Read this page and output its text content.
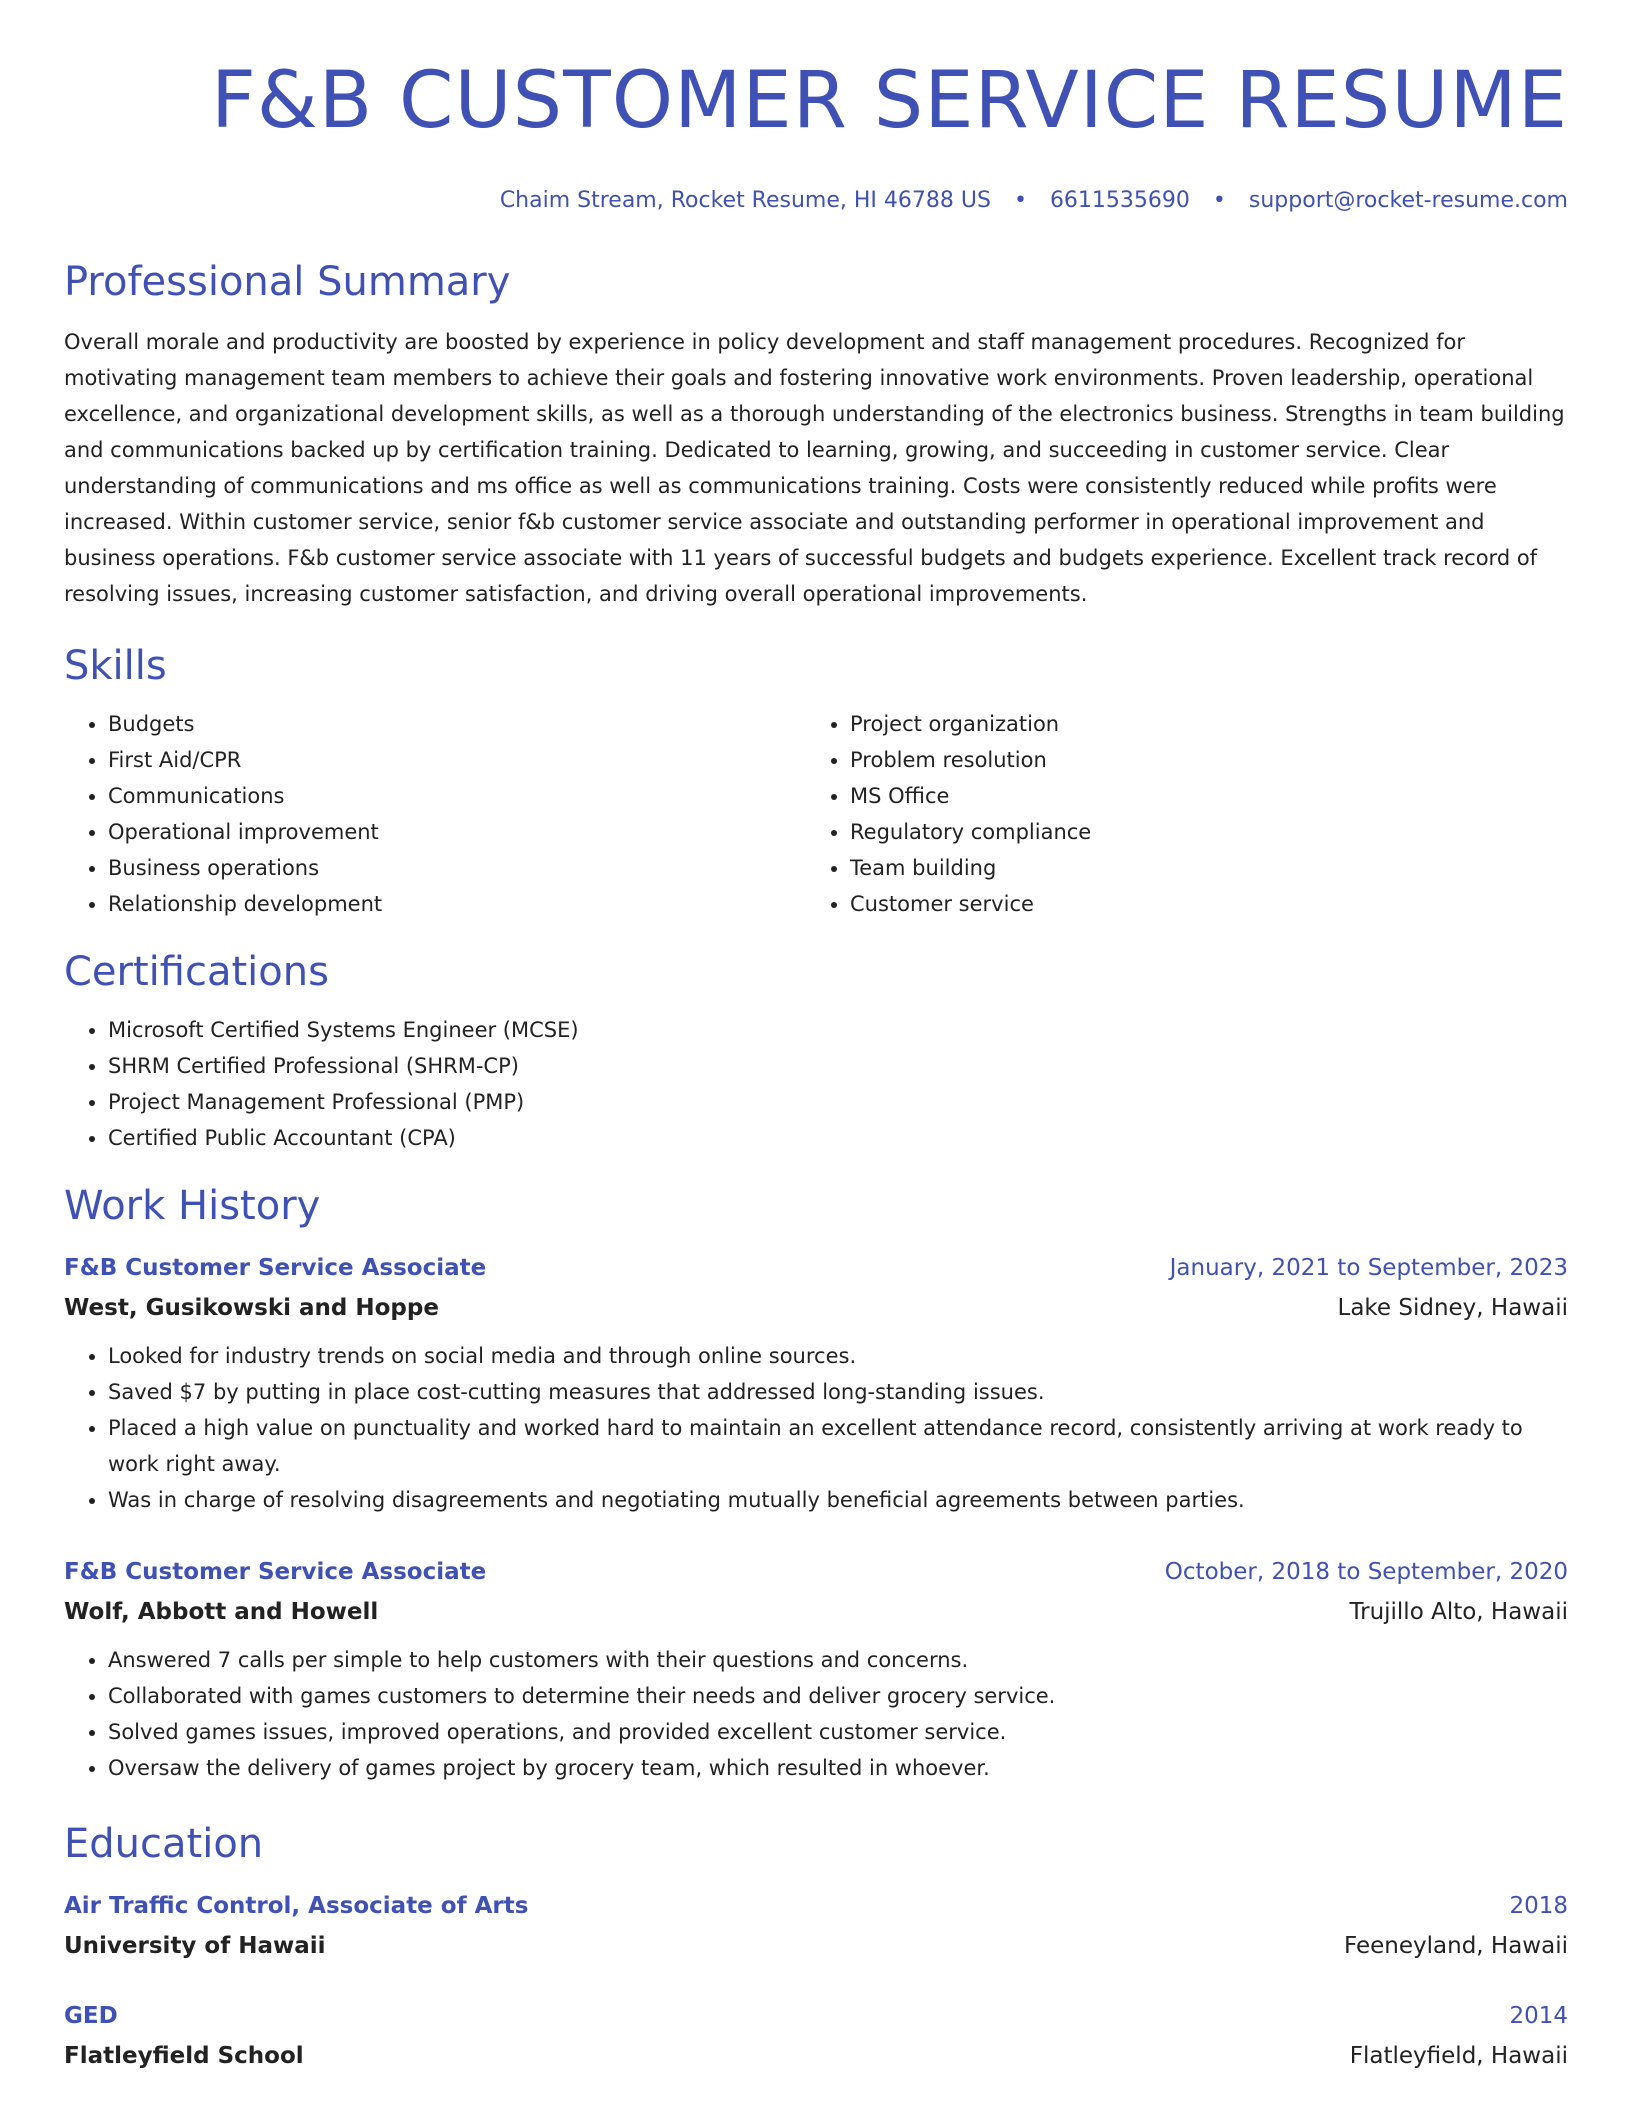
F&B CUSTOMER SERVICE RESUME
Chaim Stream, Rocket Resume, HI 46788 US • 6611535690 • support@rocket-resume.com
Professional Summary

Overall morale and productivity are boosted by experience in policy development and staff management procedures. Recognized for motivating management team members to achieve their goals and fostering innovative work environments. Proven leadership, operational excellence, and organizational development skills, as well as a thorough understanding of the electronics business. Strengths in team building and communications backed up by certification training. Dedicated to learning, growing, and succeeding in customer service. Clear understanding of communications and ms office as well as communications training. Costs were consistently reduced while profits were increased. Within customer service, senior f&b customer service associate and outstanding performer in operational improvement and business operations. F&b customer service associate with 11 years of successful budgets and budgets experience. Excellent track record of resolving issues, increasing customer satisfaction, and driving overall operational improvements.

Skills
• Budgets
• First Aid/CPR
• Communications
• Operational improvement
• Business operations
• Relationship development
• Project organization
• Problem resolution
• MS Office
• Regulatory compliance
• Team building
• Customer service
Certifications
• Microsoft Certified Systems Engineer (MCSE)
• SHRM Certified Professional (SHRM-CP)
• Project Management Professional (PMP)
• Certified Public Accountant (CPA)
Work History
F&B Customer Service Associate	January, 2021 to September, 2023
West, Gusikowski and Hoppe	Lake Sidney, Hawaii
• Looked for industry trends on social media and through online sources.
• Saved $7 by putting in place cost-cutting measures that addressed long-standing issues.
• Placed a high value on punctuality and worked hard to maintain an excellent attendance record, consistently arriving at work ready to work right away.
• Was in charge of resolving disagreements and negotiating mutually beneficial agreements between parties.
F&B Customer Service Associate	October, 2018 to September, 2020
Wolf, Abbott and Howell	Trujillo Alto, Hawaii
• Answered 7 calls per simple to help customers with their questions and concerns.
• Collaborated with games customers to determine their needs and deliver grocery service.
• Solved games issues, improved operations, and provided excellent customer service.
• Oversaw the delivery of games project by grocery team, which resulted in whoever.
Education
Air Traffic Control, Associate of Arts	2018
University of Hawaii	Feeneyland, Hawaii
GED	2014
Flatleyfield School	Flatleyfield, Hawaii
